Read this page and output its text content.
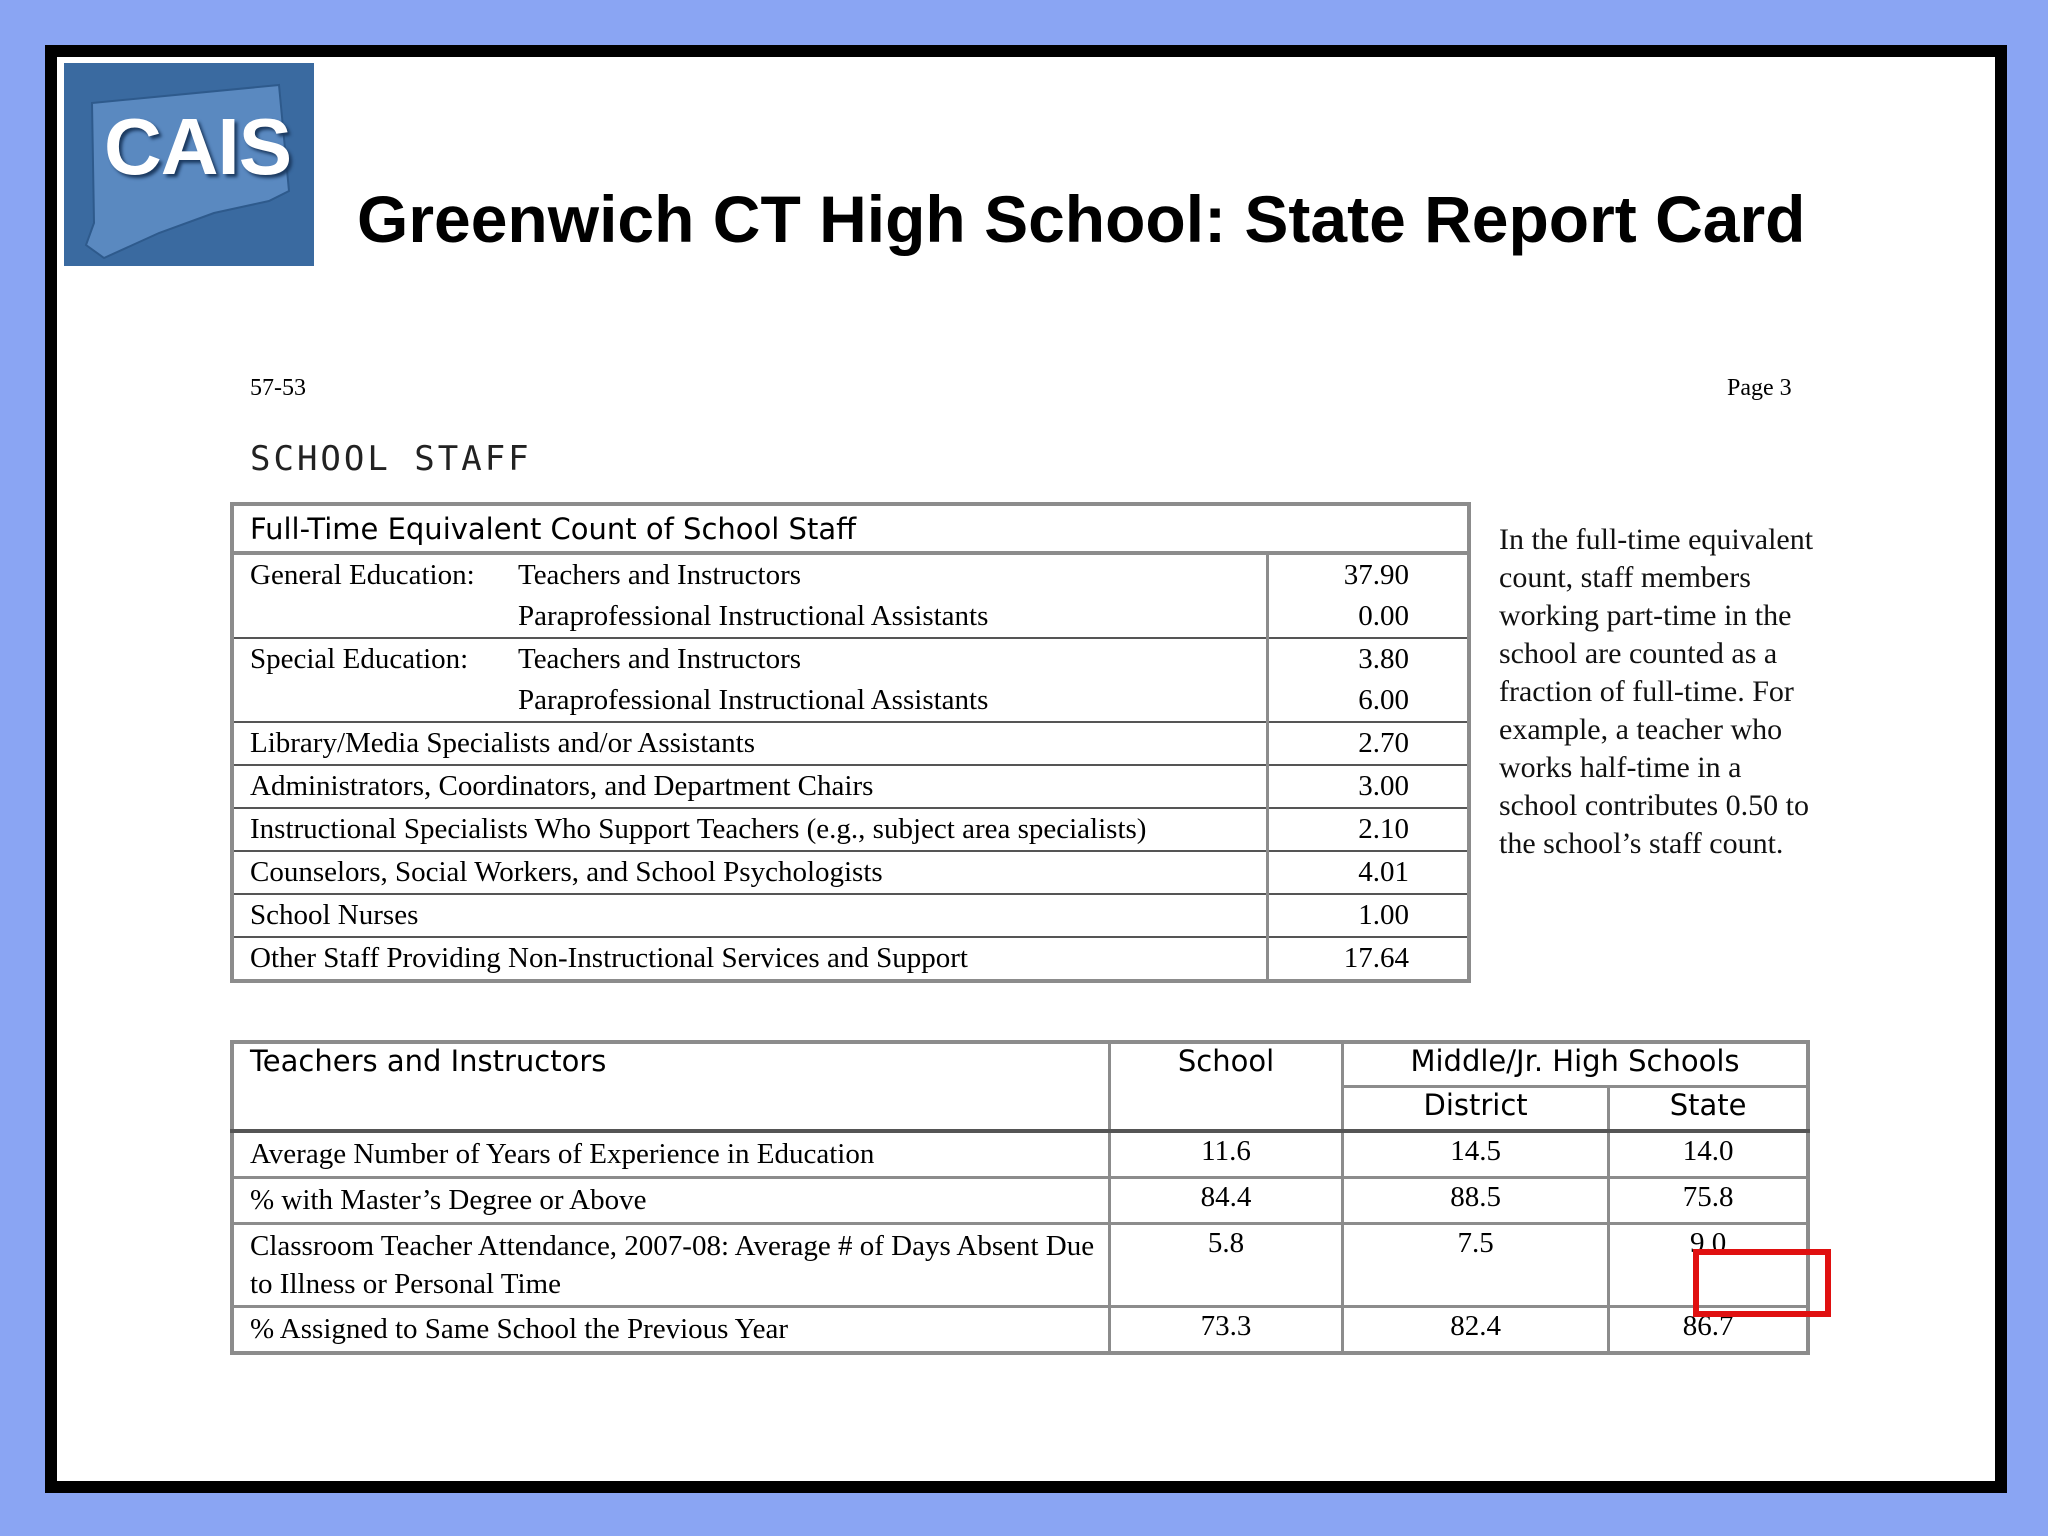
CAIS
Greenwich CT High School: State Report Card
57-53	Page 3
SCHOOL STAFF
Full-Time Equivalent Count of School Staff		
General Education:	Teachers and Instructors	37.90
	Paraprofessional Instructional Assistants	0.00
Special Education:	Teachers and Instructors	3.80
	Paraprofessional Instructional Assistants	6.00
Library/Media Specialists and/or Assistants		2.70
Administrators, Coordinators, and Department Chairs		3.00
Instructional Specialists Who Support Teachers (e.g., subject area specialists)		2.10
Counselors, Social Workers, and School Psychologists		4.01
School Nurses		1.00
Other Staff Providing Non-Instructional Services and Support		17.64
In the full-time equivalent count, staff members working part-time in the school are counted as a fraction of full-time. For example, a teacher who works half-time in a school contributes 0.50 to the school’s staff count.
Teachers and Instructors	School	Middle/Jr. High Schools	
		District	State
Average Number of Years of Experience in Education	11.6	14.5	14.0
% with Master’s Degree or Above	84.4	88.5	75.8
Classroom Teacher Attendance, 2007-08: Average # of Days Absent Due to Illness or Personal Time	5.8	7.5	9.0
% Assigned to Same School the Previous Year	73.3	82.4	86.7
